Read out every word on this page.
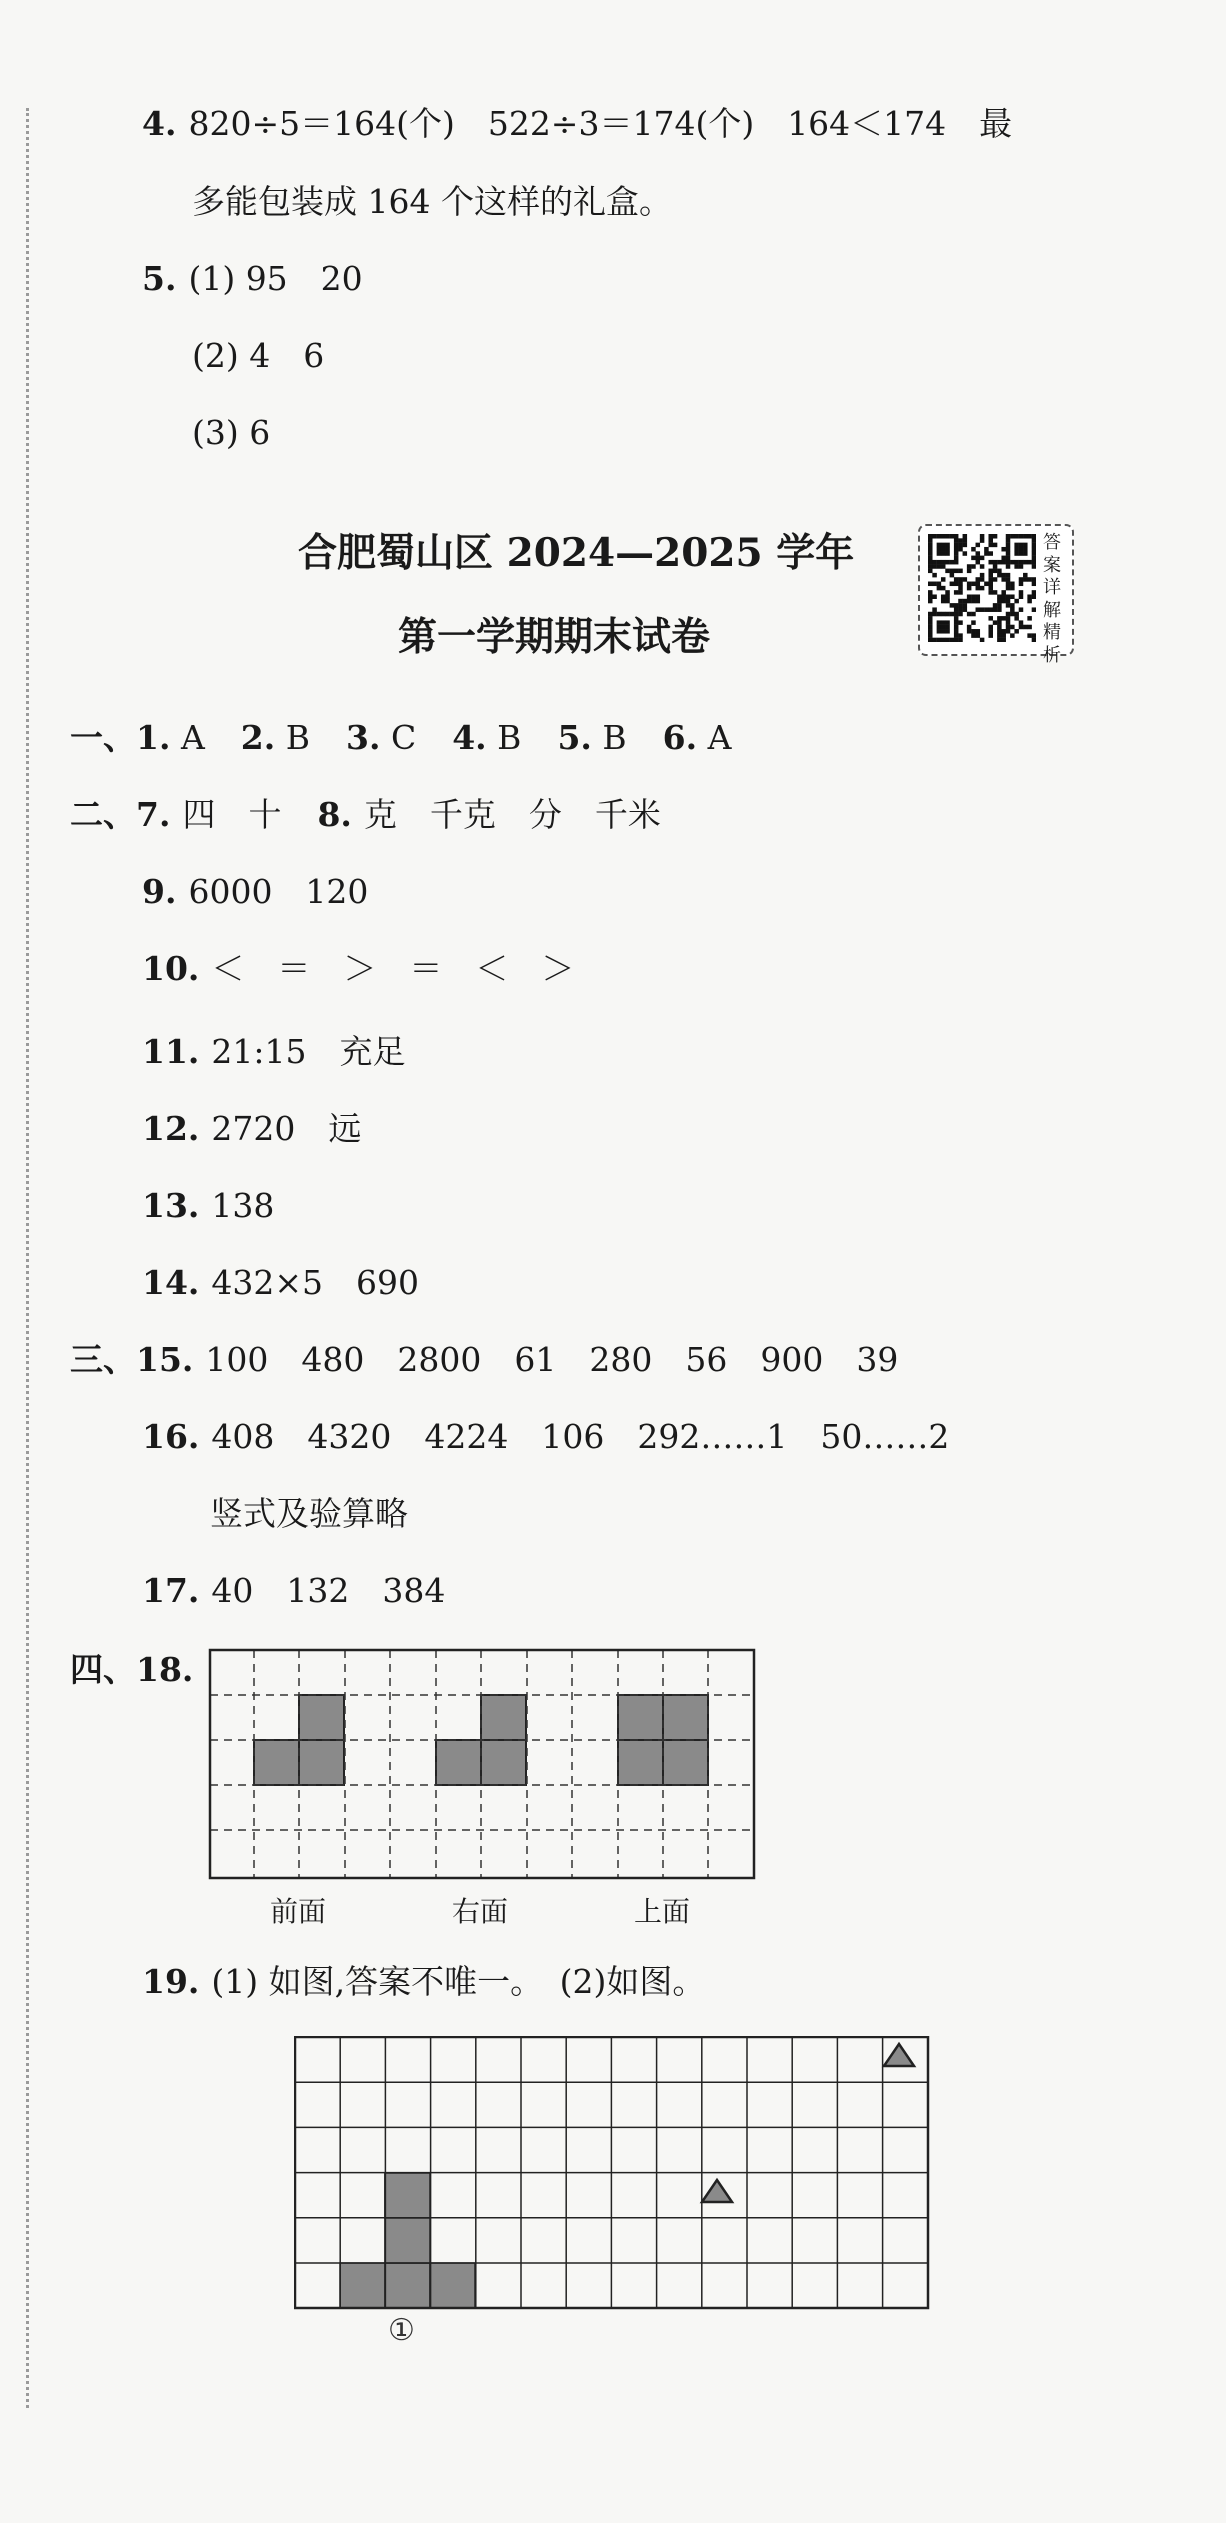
4. 820÷5＝164(个)　522÷3＝174(个)　164＜174　最
多能包装成 164 个这样的礼盒。
5. (1) 95　20
(2) 4　6
(3) 6
合肥蜀山区 2024—2025 学年
第一学期期末试卷
答
案
详
解
精
析
一、1. A 2. B 3. C 4. B 5. B 6. A
二、7. 四　十 8. 克　千克　分　千米
9. 6000　120
10. ＜　＝　＞　＝　＜　＞
11. 21:15　充足
12. 2720　远
13. 138
14. 432×5　690
三、15. 100　480　2800　61　280　56　900　39
16. 408　4320　4224　106　292……1　50……2
竖式及验算略
17. 40　132　384
四、18.
前面	右面	上面
19. (1) 如图,答案不唯一。　(2)如图。
①
